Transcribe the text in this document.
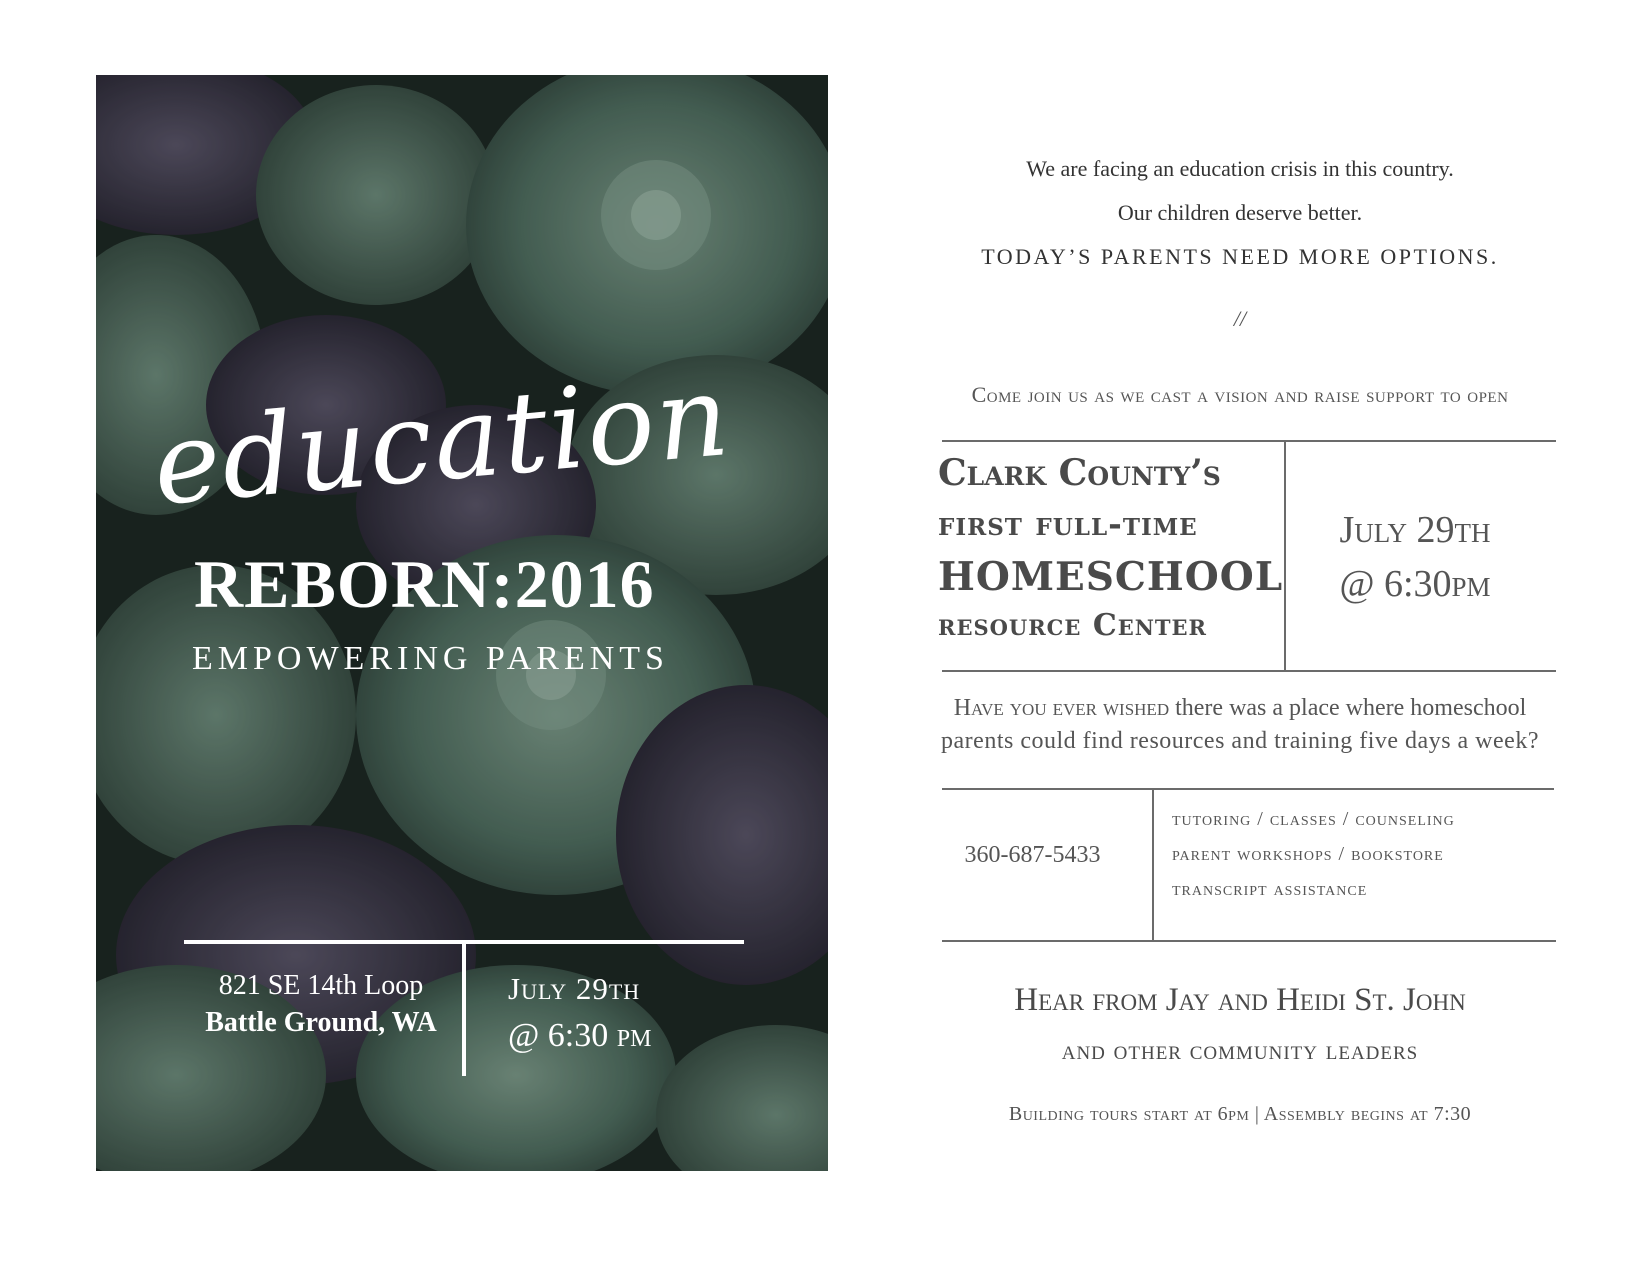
education
REBORN:2016
EMPOWERING PARENTS
821 SE 14th Loop
Battle Ground, WA
July 29th
@ 6:30 pm
We are facing an education crisis in this country.
Our children deserve better.
TODAY’S PARENTS NEED MORE OPTIONS.
//
Come join us as we cast a vision and raise support to open
Clark County’s
first full-time
HOMESCHOOL
resource Center
July 29th
@ 6:30pm
Have you ever wished there was a place where homeschool
parents could find resources and training five days a week?
360-687-5433
tutoring / classes / counseling
parent workshops / bookstore
transcript assistance
Hear from Jay and Heidi St. John
and other community leaders
Building tours start at 6pm | Assembly begins at 7:30
